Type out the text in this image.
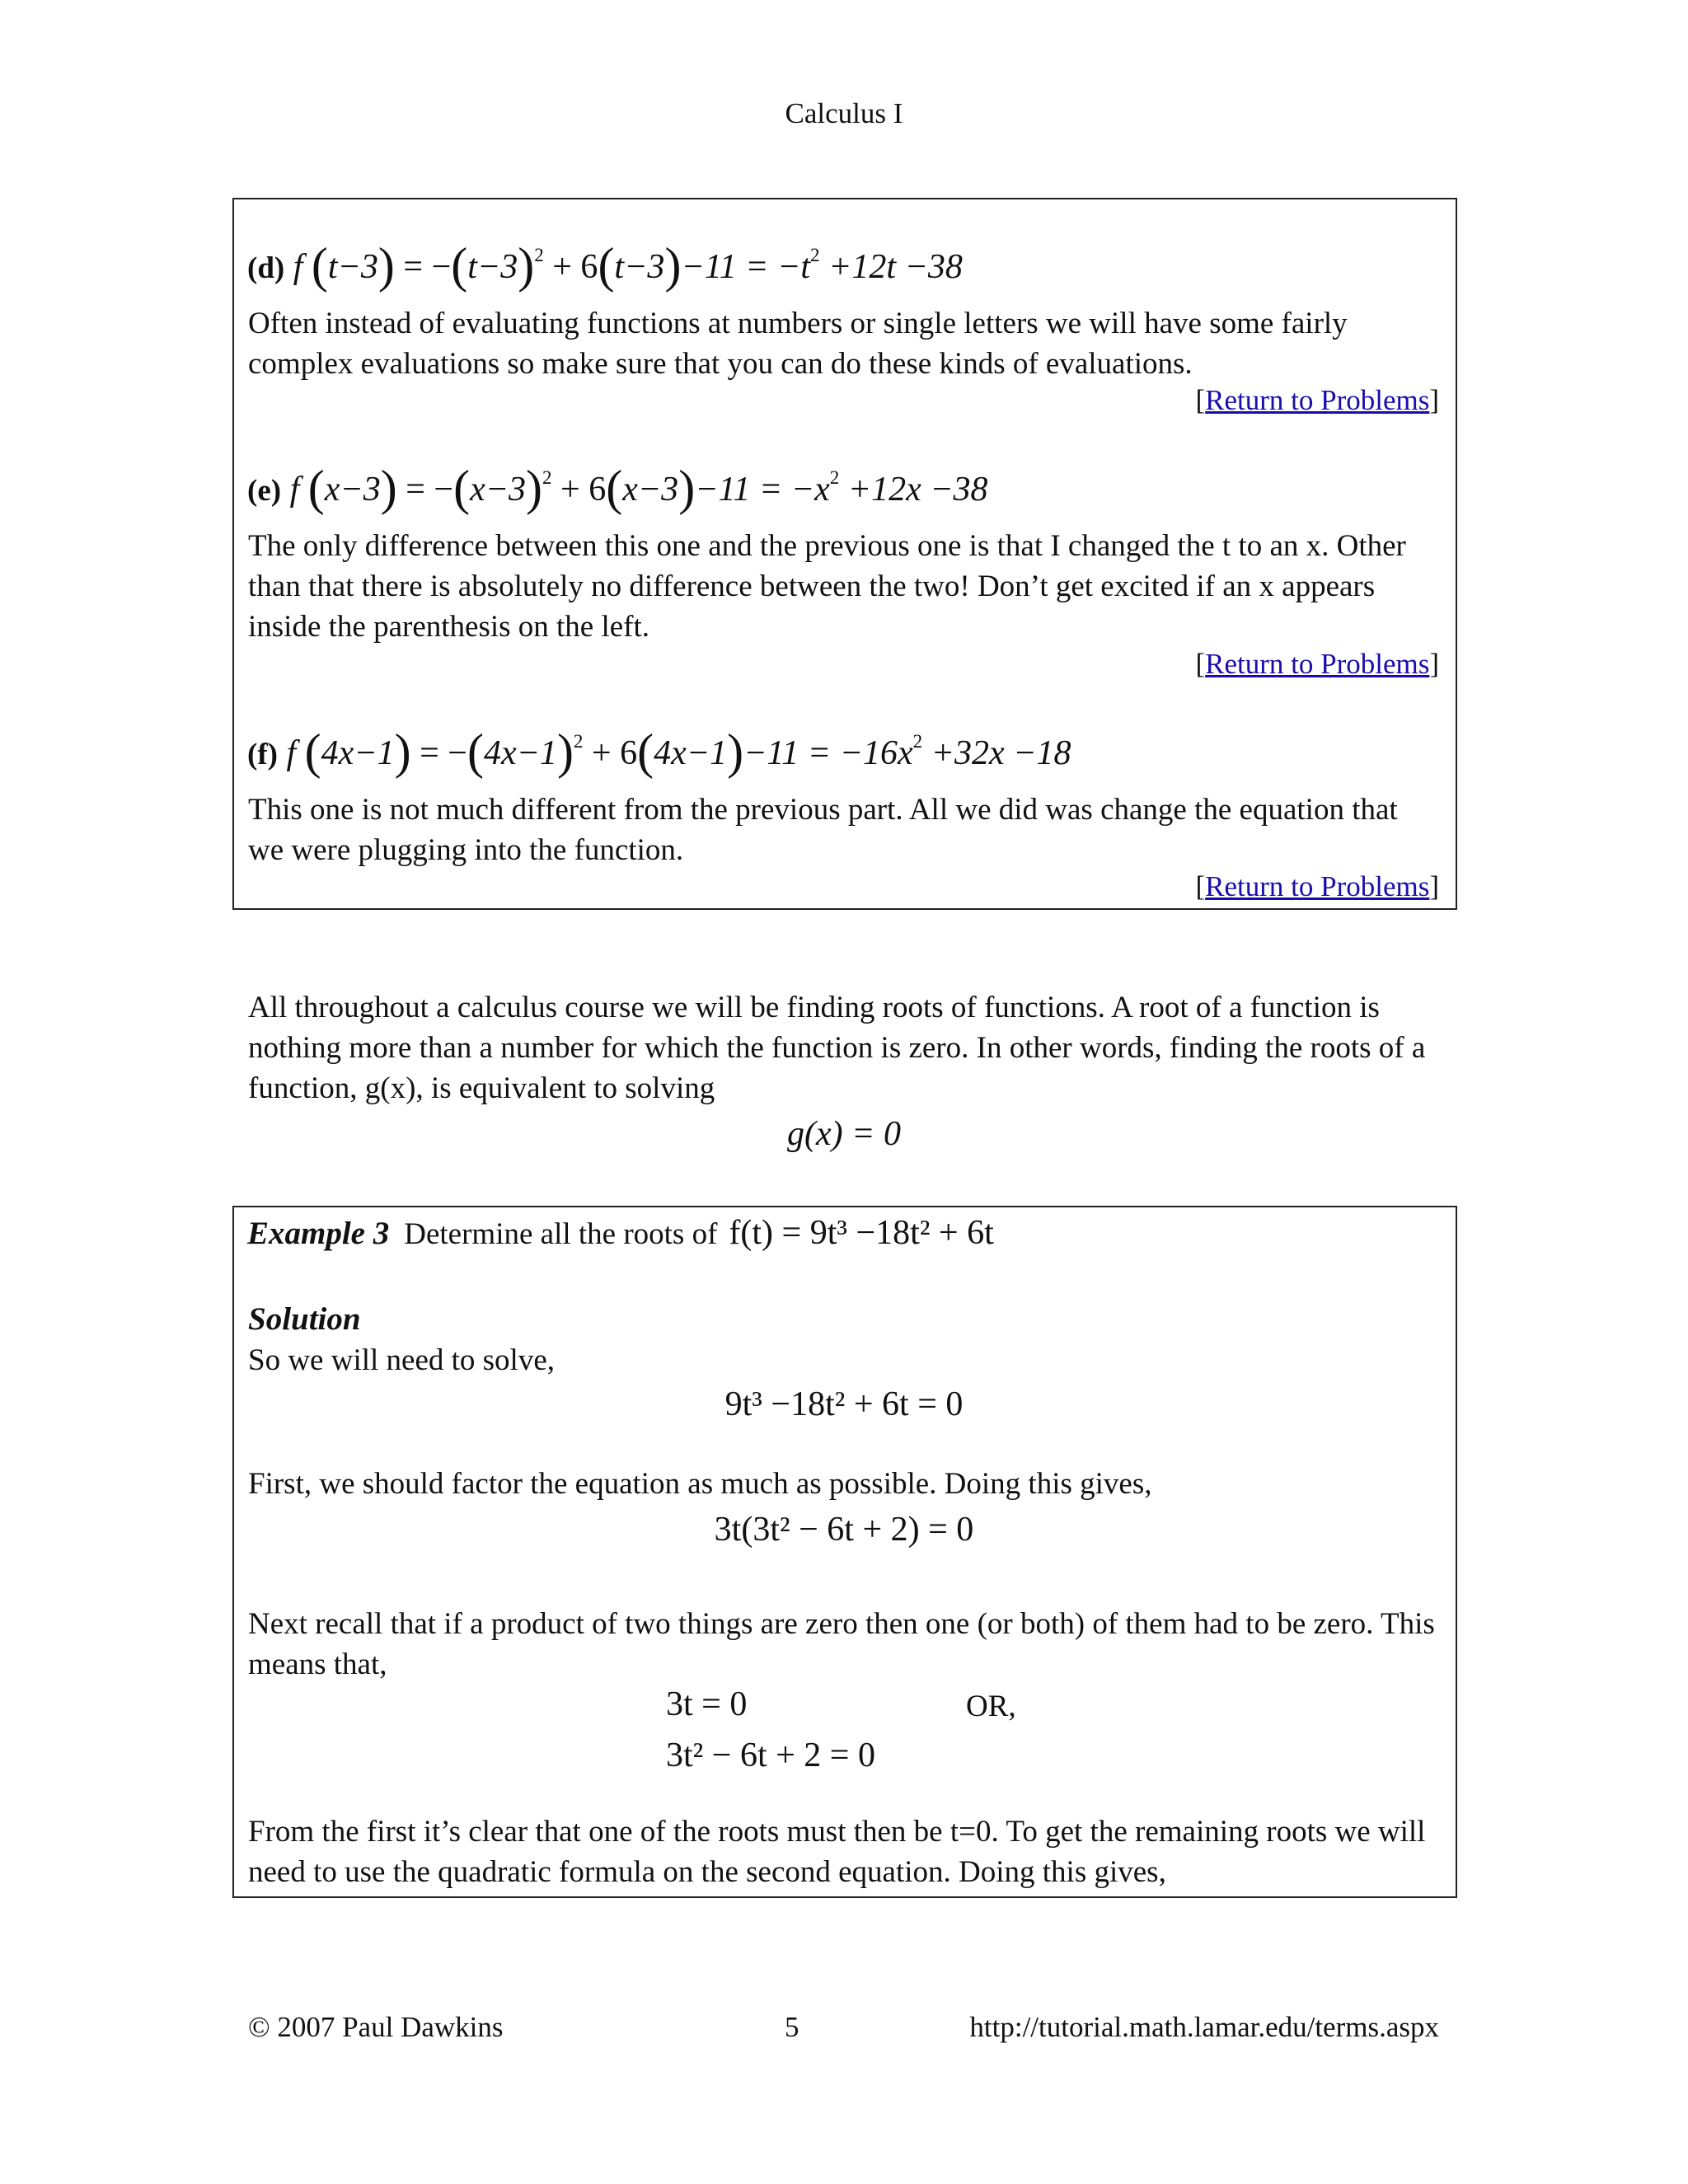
Calculus I
(d) f $(t-3) = -(t-3)^2 + 6(t-3)-11 = -t^2 +12t -38$
Often instead of evaluating functions at numbers or single letters we will have some fairly
complex evaluations so make sure that you can do these kinds of evaluations.
[Return to Problems]
(e) f $(x-3) = -(x-3)^2 + 6(x-3)-11 = -x^2 +12x -38$
The only difference between this one and the previous one is that I changed the t to an x. Other
than that there is absolutely no difference between the two! Don’t get excited if an x appears
inside the parenthesis on the left.
[Return to Problems]
(f) f $(4x-1) = -(4x-1)^2 + 6(4x-1)-11 = -16x^2 +32x -18$
This one is not much different from the previous part. All we did was change the equation that
we were plugging into the function.
[Return to Problems]
All throughout a calculus course we will be finding roots of functions. A root of a function is
nothing more than a number for which the function is zero. In other words, finding the roots of a
function, g(x), is equivalent to solving
g(x) = 0
Example 3 Determine all the roots of f(t) = 9t³ −18t² + 6t
Solution
So we will need to solve,
9t³ −18t² + 6t = 0
First, we should factor the equation as much as possible. Doing this gives,
3t(3t² − 6t + 2) = 0
Next recall that if a product of two things are zero then one (or both) of them had to be zero. This
means that,
3t = 0	OR,
3t² − 6t + 2 = 0
From the first it’s clear that one of the roots must then be t=0. To get the remaining roots we will
need to use the quadratic formula on the second equation. Doing this gives,
© 2007 Paul Dawkins	5	http://tutorial.math.lamar.edu/terms.aspx
